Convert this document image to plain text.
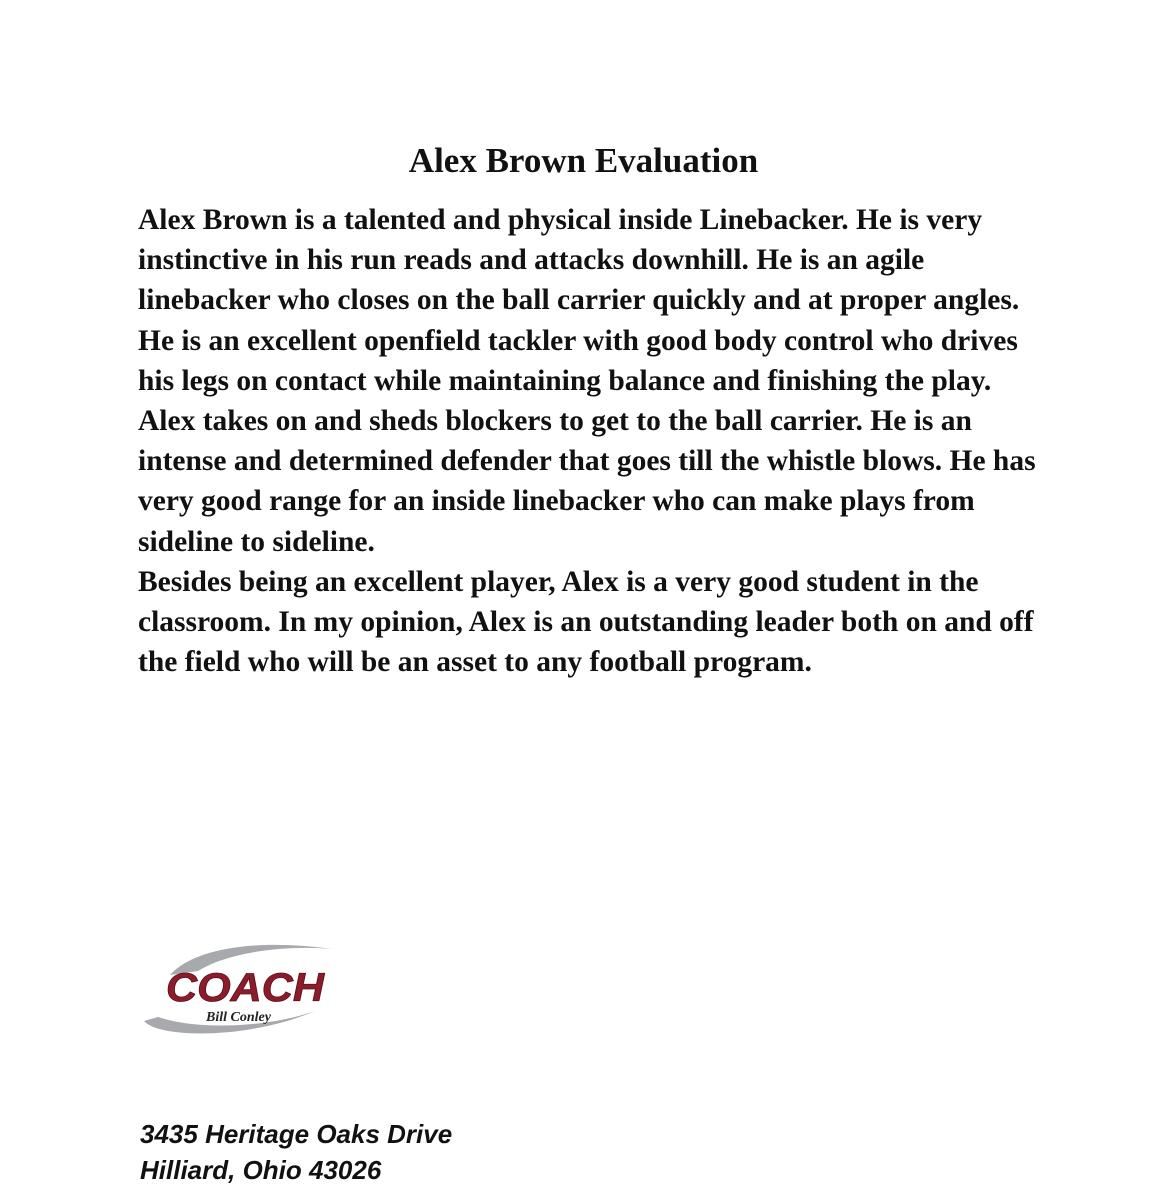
Alex Brown Evaluation

Alex Brown is a talented and physical inside Linebacker. He is very instinctive in his run reads and attacks downhill. He is an agile linebacker who closes on the ball carrier quickly and at proper angles. He is an excellent openfield tackler with good body control who drives his legs on contact while maintaining balance and finishing the play. Alex takes on and sheds blockers to get to the ball carrier. He is an intense and determined defender that goes till the whistle blows. He has very good range for an inside linebacker who can make plays from sideline to sideline.

Besides being an excellent player, Alex is a very good student in the classroom. In my opinion, Alex is an outstanding leader both on and off the field who will be an asset to any football program.

COACH
Bill Conley
3435 Heritage Oaks Drive
Hilliard, Ohio 43026
